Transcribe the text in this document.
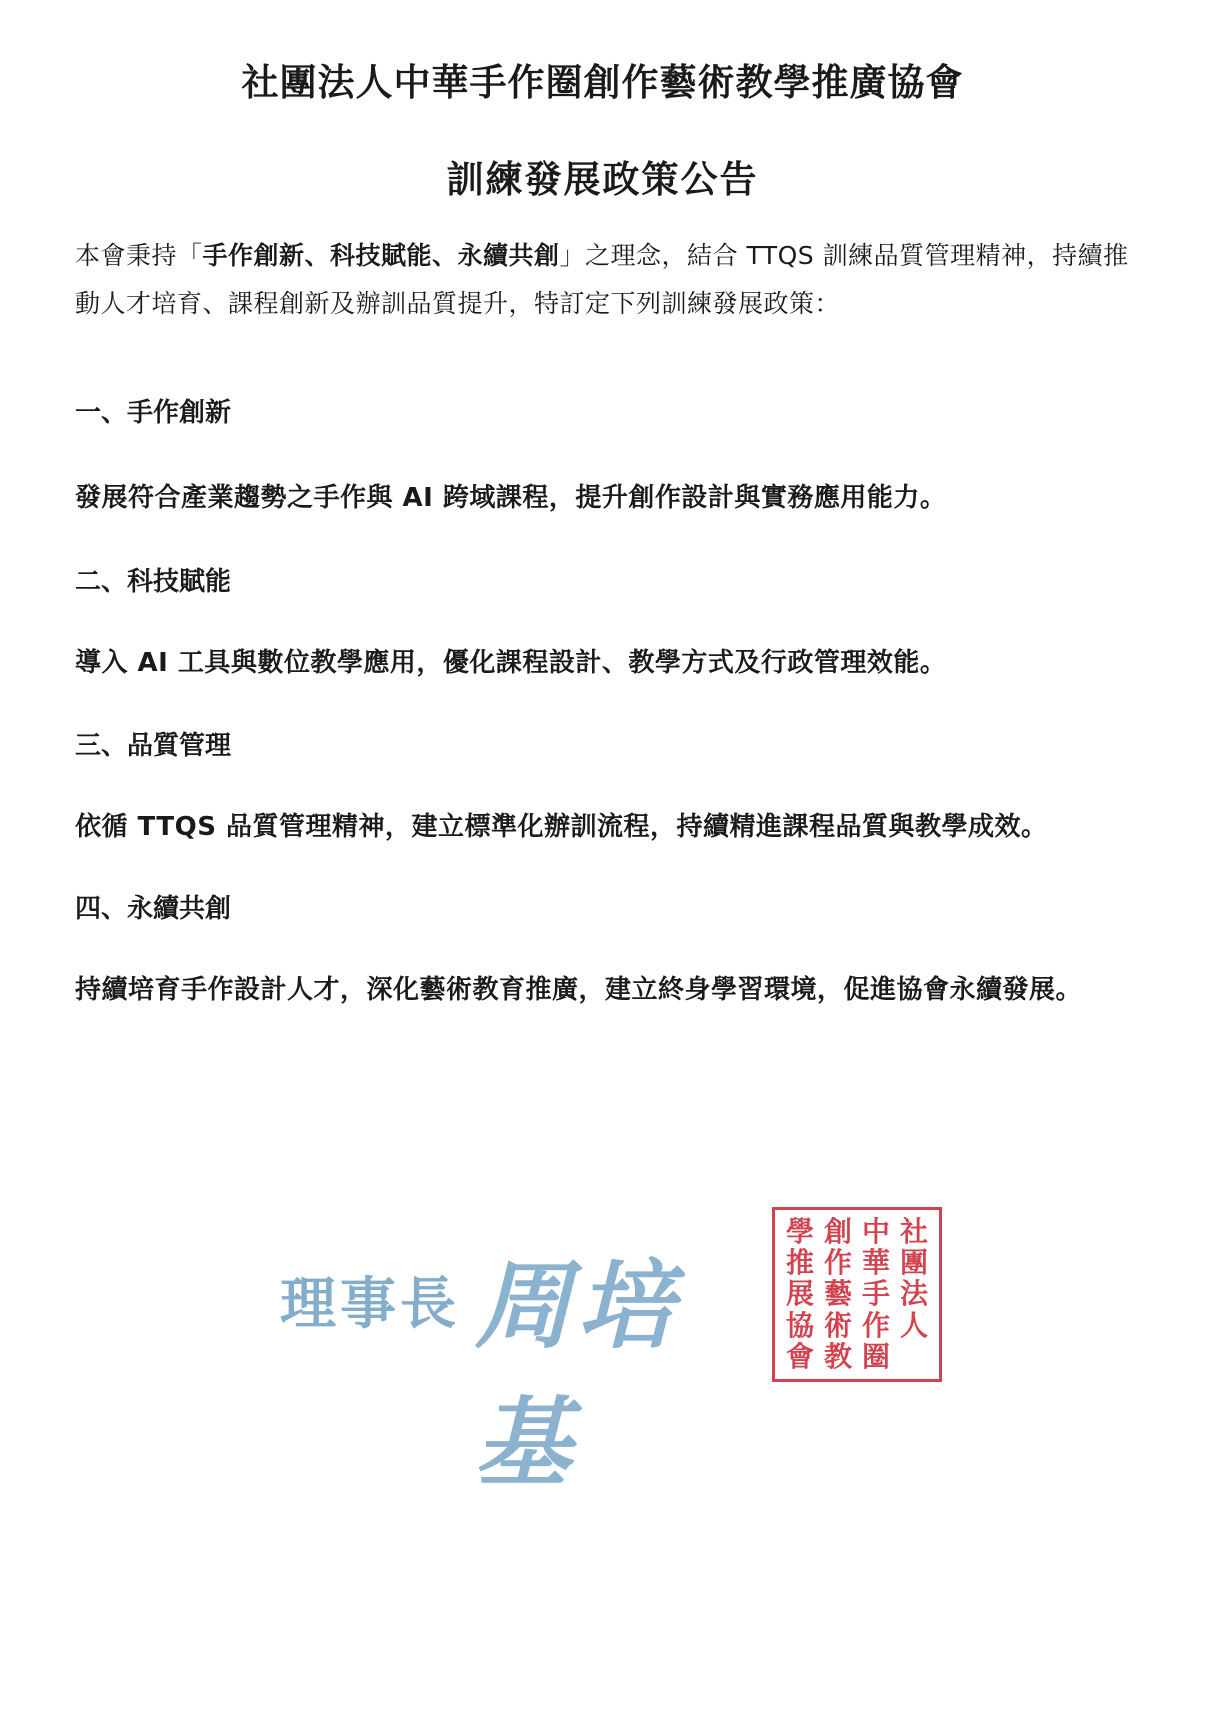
社團法人中華手作圈創作藝術教學推廣協會
訓練發展政策公告
本會秉持「手作創新、科技賦能、永續共創」之理念，結合 TTQS 訓練品質管理精神，持續推動人才培育、課程創新及辦訓品質提升，特訂定下列訓練發展政策：
一、手作創新
發展符合產業趨勢之手作與 AI 跨域課程，提升創作設計與實務應用能力。
二、科技賦能
導入 AI 工具與數位教學應用，優化課程設計、教學方式及行政管理效能。
三、品質管理
依循 TTQS 品質管理精神，建立標準化辦訓流程，持續精進課程品質與教學成效。
四、永續共創
持續培育手作設計人才，深化藝術教育推廣，建立終身學習環境，促進協會永續發展。
理事長 周培基
社
團
法
人
中
華
手
作
圈
創
作
藝
術
教
學
推
展
協
會
